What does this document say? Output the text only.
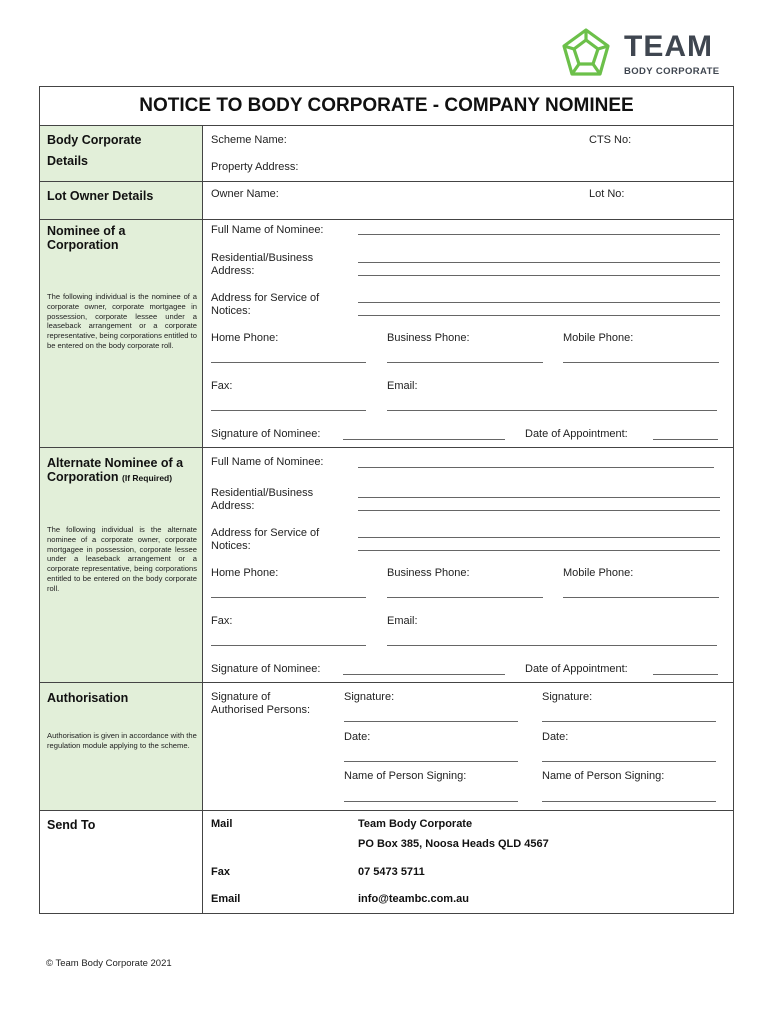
TEAM
BODY CORPORATE
NOTICE TO BODY CORPORATE - COMPANY NOMINEE
Body Corporate
Details
Scheme Name:	CTS No:
Property Address:
Lot Owner Details	Owner Name:	Lot No:
Nominee of a
Corporation
The following individual is the nominee of a corporate owner, corporate mortgagee in possession, corporate lessee under a leaseback arrangement or a corporate representative, being corporations entitled to be entered on the body corporate roll.
Full Name of Nominee:
Residential/Business
Address:
Address for Service of
Notices:
Home Phone:	Business Phone:	Mobile Phone:
Fax:	Email:
Signature of Nominee:	Date of Appointment:
Alternate Nominee of a
Corporation (If Required)
The following individual is the alternate nominee of a corporate owner, corporate mortgagee in possession, corporate lessee under a leaseback arrangement or a corporate representative, being corporations entitled to be entered on the body corporate roll.
Full Name of Nominee:
Residential/Business
Address:
Address for Service of
Notices:
Home Phone:	Business Phone:	Mobile Phone:
Fax:	Email:
Signature of Nominee:	Date of Appointment:
Authorisation
Authorisation is given in accordance with the regulation module applying to the scheme.
Signature of
Authorised Persons:
Signature:	Signature:
Date:	Date:
Name of Person Signing:	Name of Person Signing:
Send To	Mail	Team Body Corporate
PO Box 385, Noosa Heads QLD 4567
Fax	07 5473 5711
Email	info@teambc.com.au
© Team Body Corporate 2021
